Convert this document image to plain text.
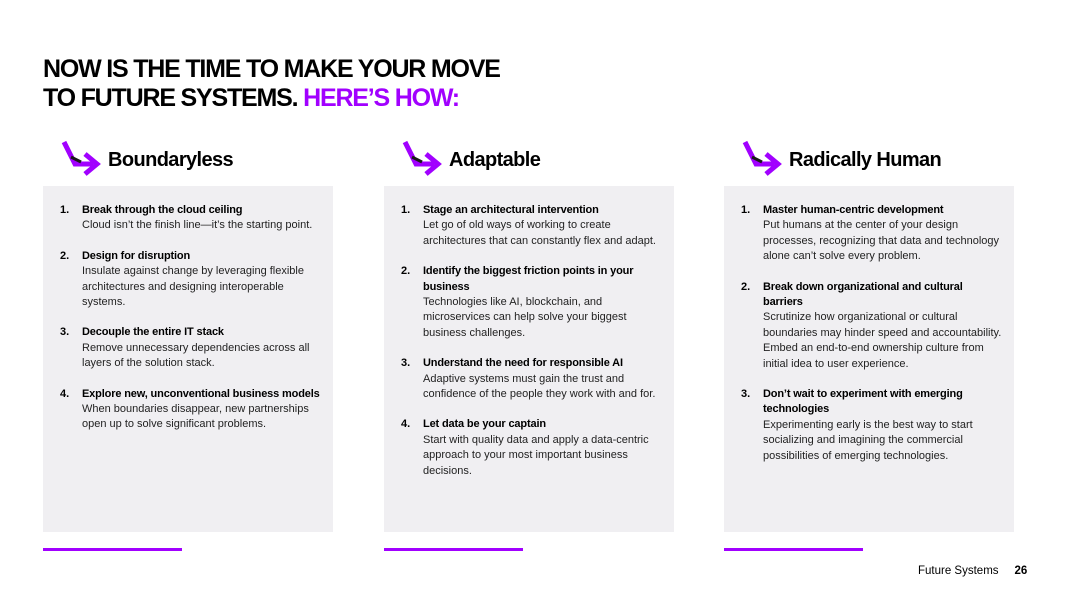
NOW IS THE TIME TO MAKE YOUR MOVE
TO FUTURE SYSTEMS. HERE’S HOW:
Boundaryless
1.	Break through the cloud ceiling
Cloud isn’t the finish line—it’s the starting point.
2.	Design for disruption
Insulate against change by leveraging flexible architectures and designing interoperable systems.
3.	Decouple the entire IT stack
Remove unnecessary dependencies across all layers of the solution stack.
4.	Explore new, unconventional business models
When boundaries disappear, new partnerships open up to solve significant problems.
Adaptable
1.	Stage an architectural intervention
Let go of old ways of working to create architectures that can constantly flex and adapt.
2.	Identify the biggest friction points in your business
Technologies like AI, blockchain, and microservices can help solve your biggest business challenges.
3.	Understand the need for responsible AI
Adaptive systems must gain the trust and confidence of the people they work with and for.
4.	Let data be your captain
Start with quality data and apply a data-centric approach to your most important business decisions.
Radically Human
1.	Master human-centric development
Put humans at the center of your design processes, recognizing that data and technology alone can’t solve every problem.
2.	Break down organizational and cultural barriers
Scrutinize how organizational or cultural boundaries may hinder speed and accountability. Embed an end-to-end ownership culture from initial idea to user experience.
3.	Don’t wait to experiment with emerging technologies
Experimenting early is the best way to start socializing and imagining the commercial possibilities of emerging technologies.
Future Systems 26
